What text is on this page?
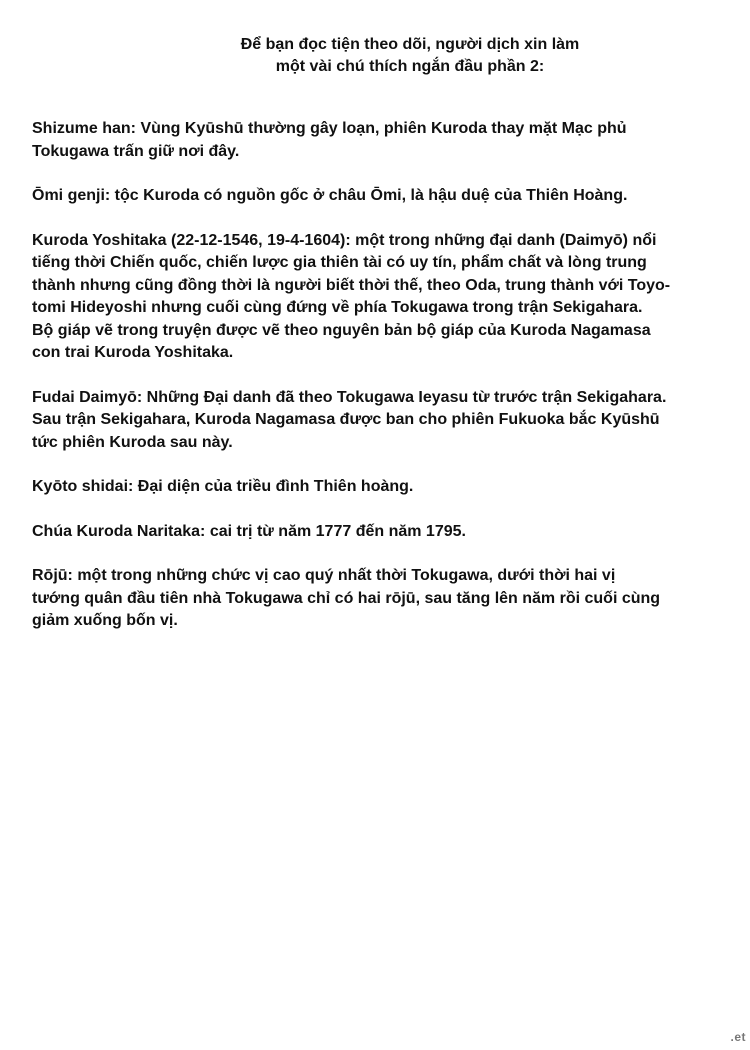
Để bạn đọc tiện theo dõi, người dịch xin làm
một vài chú thích ngắn đầu phần 2:
Shizume han: Vùng Kyūshū thường gây loạn, phiên Kuroda thay mặt Mạc phủ
Tokugawa trấn giữ nơi đây.
Ōmi genji: tộc Kuroda có nguồn gốc ở châu Ōmi, là hậu duệ của Thiên Hoàng.
Kuroda Yoshitaka (22-12-1546, 19-4-1604): một trong những đại danh (Daimyō) nổi
tiếng thời Chiến quốc, chiến lược gia thiên tài có uy tín, phẩm chất và lòng trung
thành nhưng cũng đồng thời là người biết thời thế, theo Oda, trung thành với Toyo-
tomi Hideyoshi nhưng cuối cùng đứng về phía Tokugawa trong trận Sekigahara.
Bộ giáp vẽ trong truyện được vẽ theo nguyên bản bộ giáp của Kuroda Nagamasa
con trai Kuroda Yoshitaka.
Fudai Daimyō: Những Đại danh đã theo Tokugawa Ieyasu từ trước trận Sekigahara.
Sau trận Sekigahara, Kuroda Nagamasa được ban cho phiên Fukuoka bắc Kyūshū
tức phiên Kuroda sau này.
Kyōto shidai: Đại diện của triều đình Thiên hoàng.
Chúa Kuroda Naritaka: cai trị từ năm 1777 đến năm 1795.
Rōjū: một trong những chức vị cao quý nhất thời Tokugawa, dưới thời hai vị
tướng quân đầu tiên nhà Tokugawa chỉ có hai rōjū, sau tăng lên năm rồi cuối cùng
giảm xuống bốn vị.
.et
